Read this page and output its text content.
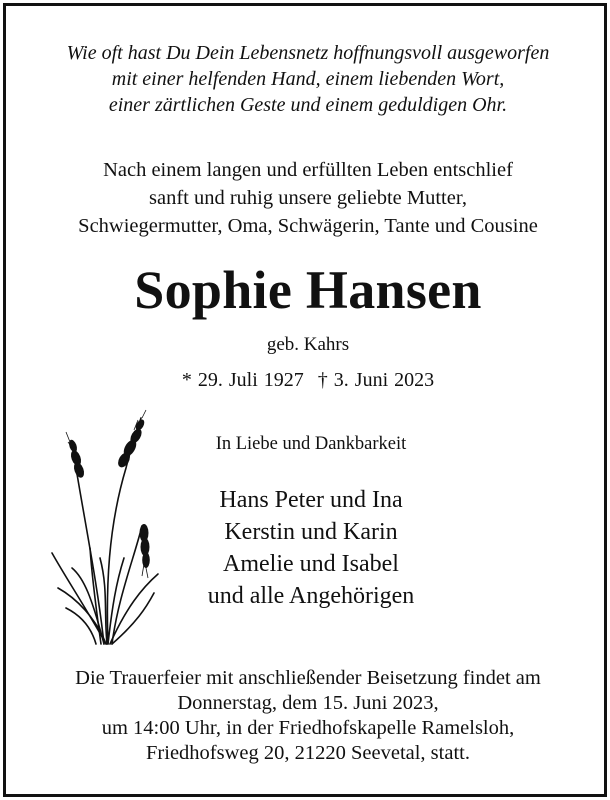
Wie oft hast Du Dein Lebensnetz hoffnungsvoll ausgeworfen
mit einer helfenden Hand, einem liebenden Wort,
einer zärtlichen Geste und einem geduldigen Ohr.
Nach einem langen und erfüllten Leben entschlief
sanft und ruhig unsere geliebte Mutter,
Schwiegermutter, Oma, Schwägerin, Tante und Cousine
Sophie Hansen
geb. Kahrs
* 29. Juli 1927 † 3. Juni 2023
In Liebe und Dankbarkeit
Hans Peter und Ina
Kerstin und Karin
Amelie und Isabel
und alle Angehörigen
Die Trauerfeier mit anschließender Beisetzung findet am
Donnerstag, dem 15. Juni 2023,
um 14:00 Uhr, in der Friedhofskapelle Ramelsloh,
Friedhofsweg 20, 21220 Seevetal, statt.
